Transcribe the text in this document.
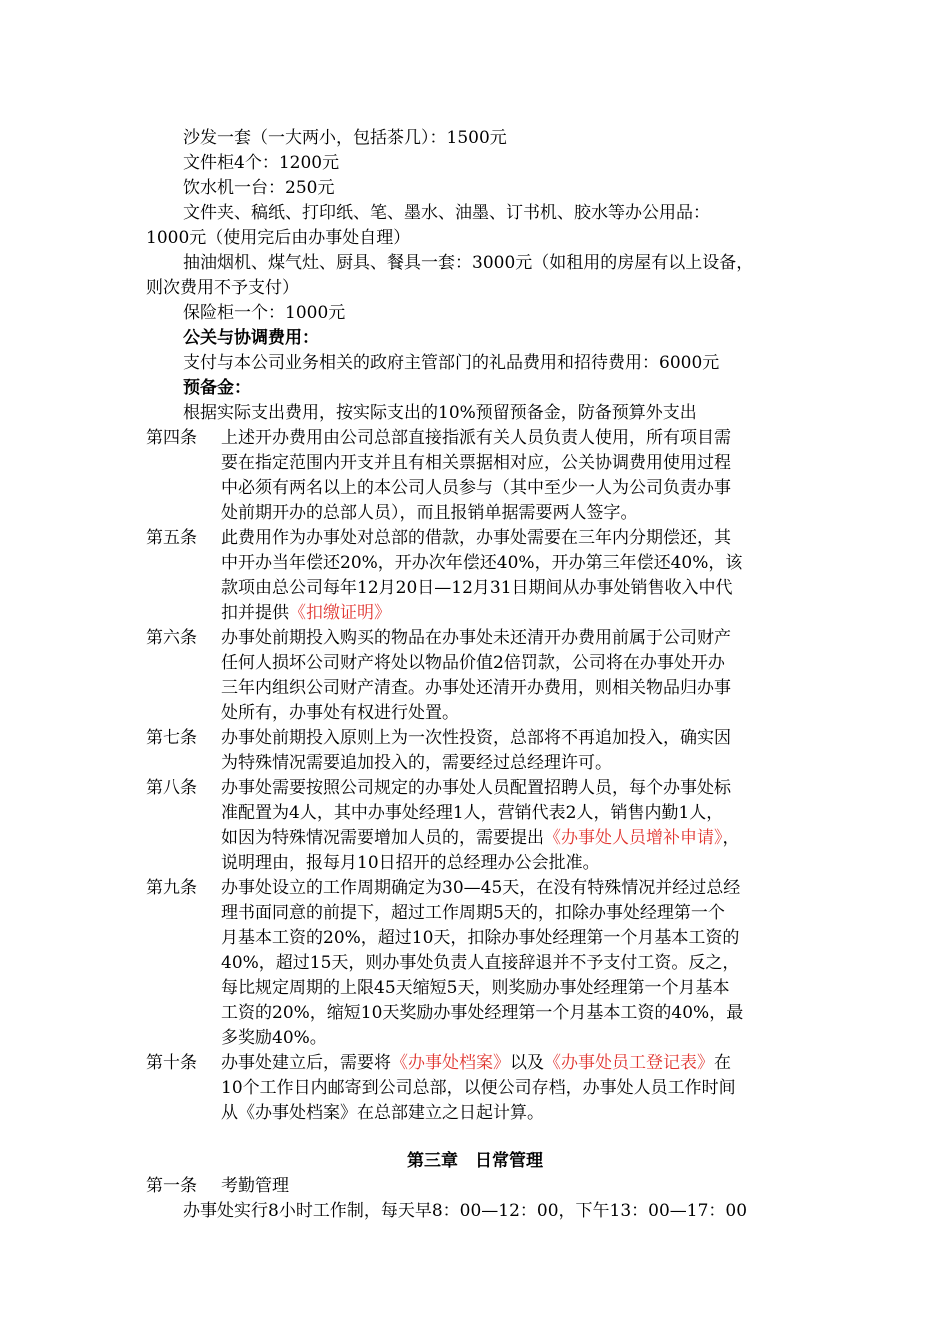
沙发一套（一大两小，包括茶几）：1500元
文件柜4个：1200元
饮水机一台：250元
文件夹、稿纸、打印纸、笔、墨水、油墨、订书机、胶水等办公用品：
1000元（使用完后由办事处自理）
抽油烟机、煤气灶、厨具、餐具一套：3000元（如租用的房屋有以上设备，
则次费用不予支付）
保险柜一个：1000元
公关与协调费用：
支付与本公司业务相关的政府主管部门的礼品费用和招待费用：6000元
预备金：
根据实际支出费用，按实际支出的10%预留预备金，防备预算外支出
第四条 上述开办费用由公司总部直接指派有关人员负责人使用，所有项目需
要在指定范围内开支并且有相关票据相对应，公关协调费用使用过程
中必须有两名以上的本公司人员参与（其中至少一人为公司负责办事
处前期开办的总部人员），而且报销单据需要两人签字。
第五条 此费用作为办事处对总部的借款，办事处需要在三年内分期偿还，其
中开办当年偿还20%，开办次年偿还40%，开办第三年偿还40%，该
款项由总公司每年12月20日—12月31日期间从办事处销售收入中代
扣并提供《扣缴证明》
第六条 办事处前期投入购买的物品在办事处未还清开办费用前属于公司财产
任何人损坏公司财产将处以物品价值2倍罚款，公司将在办事处开办
三年内组织公司财产清查。办事处还清开办费用，则相关物品归办事
处所有，办事处有权进行处置。
第七条 办事处前期投入原则上为一次性投资，总部将不再追加投入，确实因
为特殊情况需要追加投入的，需要经过总经理许可。
第八条 办事处需要按照公司规定的办事处人员配置招聘人员，每个办事处标
准配置为4人，其中办事处经理1人，营销代表2人，销售内勤1人，
如因为特殊情况需要增加人员的，需要提出《办事处人员增补申请》，
说明理由，报每月10日招开的总经理办公会批准。
第九条 办事处设立的工作周期确定为30—45天，在没有特殊情况并经过总经
理书面同意的前提下，超过工作周期5天的，扣除办事处经理第一个
月基本工资的20%，超过10天，扣除办事处经理第一个月基本工资的
40%，超过15天，则办事处负责人直接辞退并不予支付工资。反之，
每比规定周期的上限45天缩短5天，则奖励办事处经理第一个月基本
工资的20%，缩短10天奖励办事处经理第一个月基本工资的40%，最
多奖励40%。
第十条 办事处建立后，需要将《办事处档案》以及《办事处员工登记表》在
10个工作日内邮寄到公司总部，以便公司存档，办事处人员工作时间
从《办事处档案》在总部建立之日起计算。
第三章　日常管理
第一条 考勤管理
办事处实行8小时工作制，每天早8：00—12：00，下午13：00—17：00
